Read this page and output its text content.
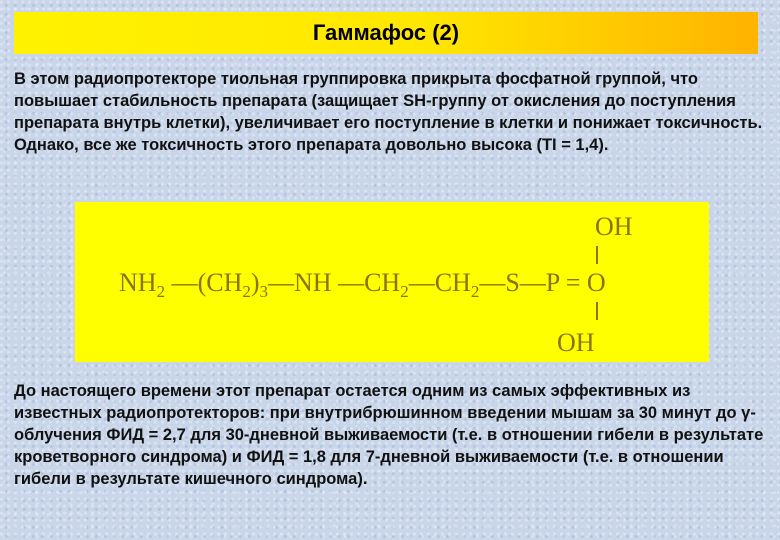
Гаммафос (2)
В этом радиопротекторе тиольная группировка прикрыта фосфатной группой, что повышает стабильность препарата (защищает SH-группу от окисления до поступления препарата внутрь клетки), увеличивает его поступление в клетки и понижает токсичность. Однако, все же токсичность этого препарата довольно высока (TI = 1,4).
OH
$NH_2$ $—(CH_2)_3—NH$ $—CH_2—CH_2—S—P = O$
OH
До настоящего времени этот препарат остается одним из самых эффективных из известных радиопротекторов: при внутрибрюшинном введении мышам за 30 минут до γ-облучения ФИД = 2,7 для 30-дневной выживаемости (т.е. в отношении гибели в результате кроветворного синдрома) и ФИД = 1,8 для 7-дневной выживаемости (т.е. в отношении гибели в результате кишечного синдрома).
